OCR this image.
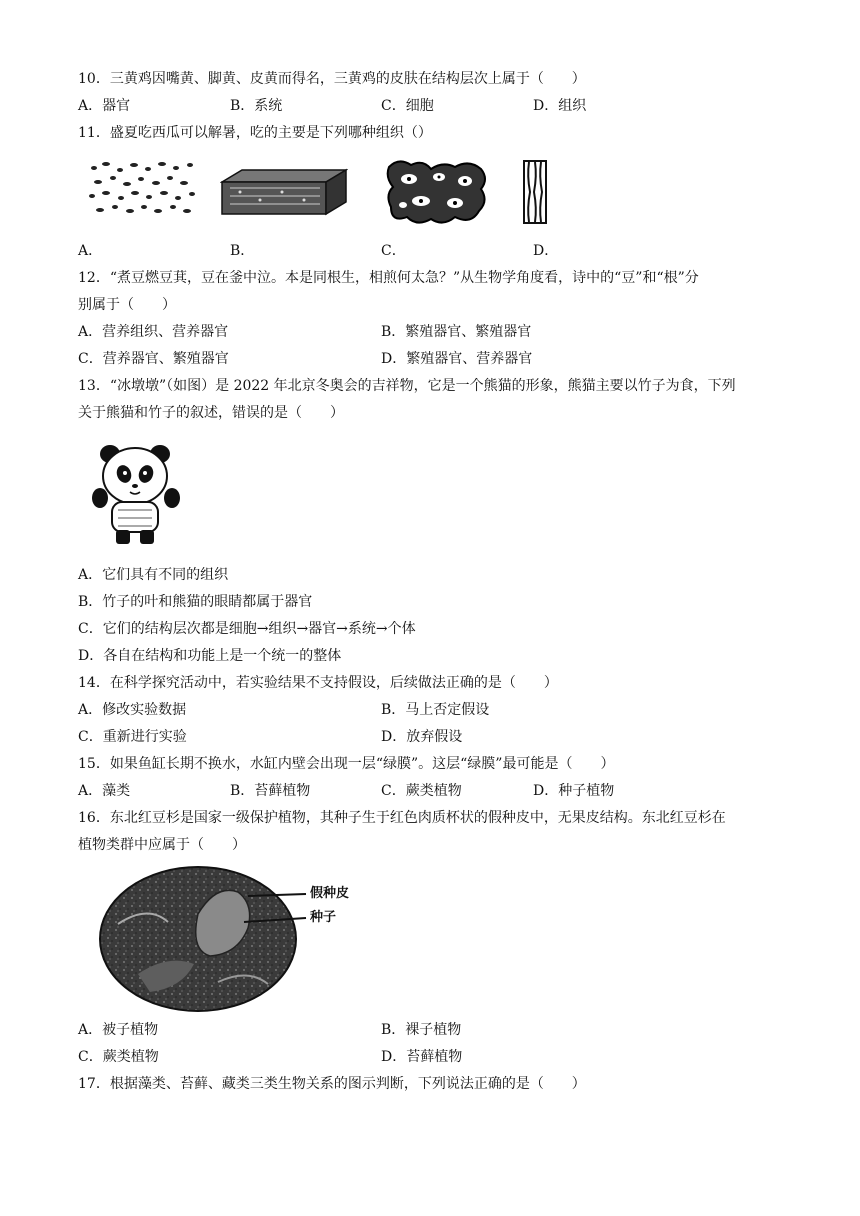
10．三黄鸡因嘴黄、脚黄、皮黄而得名，三黄鸡的皮肤在结构层次上属于（　　）
A．器官	B．系统	C．细胞	D．组织
11．盛夏吃西瓜可以解暑，吃的主要是下列哪种组织（）
A．	B．	C．	D．
12．“煮豆燃豆萁，豆在釜中泣。本是同根生，相煎何太急？”从生物学角度看，诗中的“豆”和“根”分
别属于（　　）
A．营养组织、营养器官	B．繁殖器官、繁殖器官
C．营养器官、繁殖器官	D．繁殖器官、营养器官
13．“冰墩墩”（如图）是 2022 年北京冬奥会的吉祥物，它是一个熊猫的形象，熊猫主要以竹子为食，下列
关于熊猫和竹子的叙述，错误的是（　　）
A．它们具有不同的组织
B．竹子的叶和熊猫的眼睛都属于器官
C．它们的结构层次都是细胞→组织→器官→系统→个体
D．各自在结构和功能上是一个统一的整体
14．在科学探究活动中，若实验结果不支持假设，后续做法正确的是（　　）
A．修改实验数据	B．马上否定假设
C．重新进行实验	D．放弃假设
15．如果鱼缸长期不换水，水缸内壁会出现一层“绿膜”。这层“绿膜”最可能是（　　）
A．藻类	B．苔藓植物	C．蕨类植物	D．种子植物
16．东北红豆杉是国家一级保护植物，其种子生于红色肉质杯状的假种皮中，无果皮结构。东北红豆杉在
植物类群中应属于（　　）
假种皮
种子
A．被子植物	B．裸子植物
C．蕨类植物	D．苔藓植物
17．根据藻类、苔藓、藏类三类生物关系的图示判断，下列说法正确的是（　　）
